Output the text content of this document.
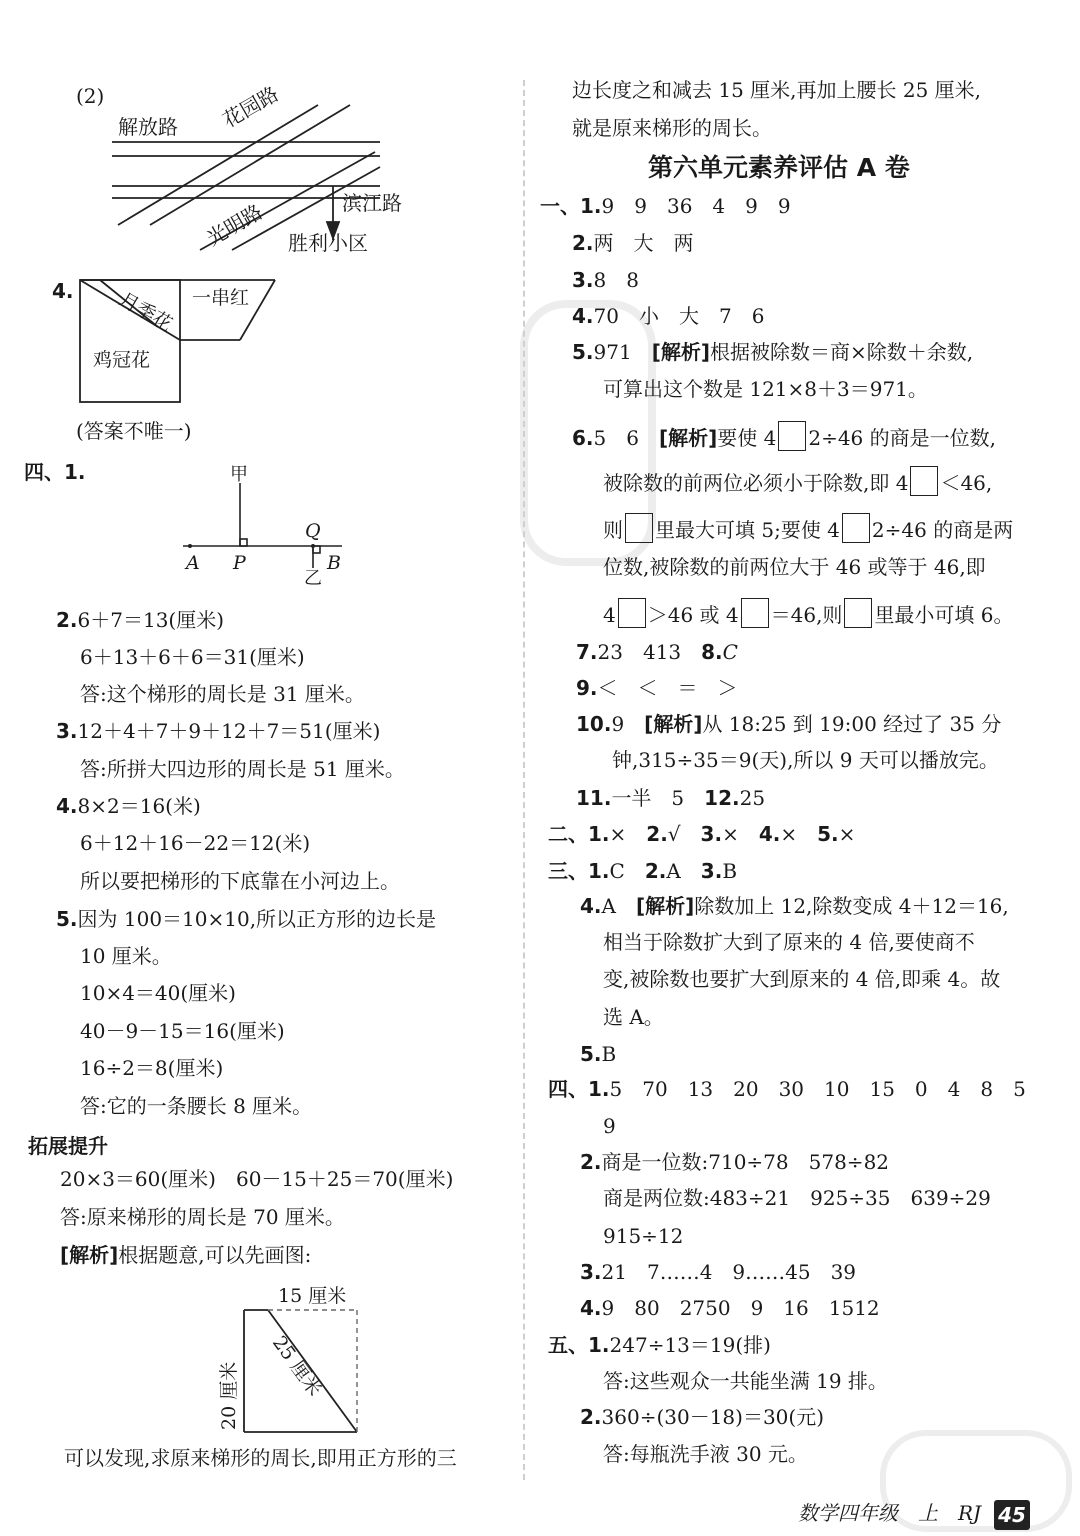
(2)
解放路 花园路
滨江路
光明路 胜利小区
4. 月季花 一串红
鸡冠花
(答案不唯一)
四、1.	甲
Q
A P	B
乙
2.6＋7＝13(厘米)
6＋13＋6＋6＝31(厘米)
答:这个梯形的周长是 31 厘米。
3.12＋4＋7＋9＋12＋7＝51(厘米)
答:所拼大四边形的周长是 51 厘米。
4.8×2＝16(米)
6＋12＋16－22＝12(米)
所以要把梯形的下底靠在小河边上。
5.因为 100＝10×10,所以正方形的边长是
10 厘米。
10×4＝40(厘米)
40－9－15＝16(厘米)
16÷2＝8(厘米)
答:它的一条腰长 8 厘米。
拓展提升
20×3＝60(厘米)　60－15＋25＝70(厘米)
答:原来梯形的周长是 70 厘米。
[解析]根据题意,可以先画图:
15 厘米
20 厘米 25 厘米
可以发现,求原来梯形的周长,即用正方形的三
边长度之和减去 15 厘米,再加上腰长 25 厘米,
就是原来梯形的周长。
第六单元素养评估 A 卷
一、1.9　9　36　4　9　9
2.两　大　两
3.8　8
4.70　小　大　7　6
5.971　[解析]根据被除数＝商×除数＋余数,
可算出这个数是 121×8＋3＝971。
6.5　6　[解析]要使 4 2÷46 的商是一位数,
被除数的前两位必须小于除数,即 4 ＜46,
则 里最大可填 5;要使 4 2÷46 的商是两
位数,被除数的前两位大于 46 或等于 46,即
4 ＞46 或 4 ＝46,则 里最小可填 6。
7.23　413　8.C
9.＜　＜　＝　＞
10.9　[解析]从 18:25 到 19:00 经过了 35 分
钟,315÷35＝9(天),所以 9 天可以播放完。
11.一半　5　12.25
二、1.×　2.√　3.×　4.×　5.×
三、1.C　2.A　3.B
4.A　[解析]除数加上 12,除数变成 4＋12＝16,
相当于除数扩大到了原来的 4 倍,要使商不
变,被除数也要扩大到原来的 4 倍,即乘 4。故
选 A。
5.B
四、1.5　70　13　20　30　10　15　0　4　8　5
9
2.商是一位数:710÷78　578÷82
商是两位数:483÷21　925÷35　639÷29
915÷12
3.21　7……4　9……45　39
4.9　80　2750　9　16　1512
五、1.247÷13＝19(排)
答:这些观众一共能坐满 19 排。
2.360÷(30－18)＝30(元)
答:每瓶洗手液 30 元。
数学四年级　上　RJ 45
